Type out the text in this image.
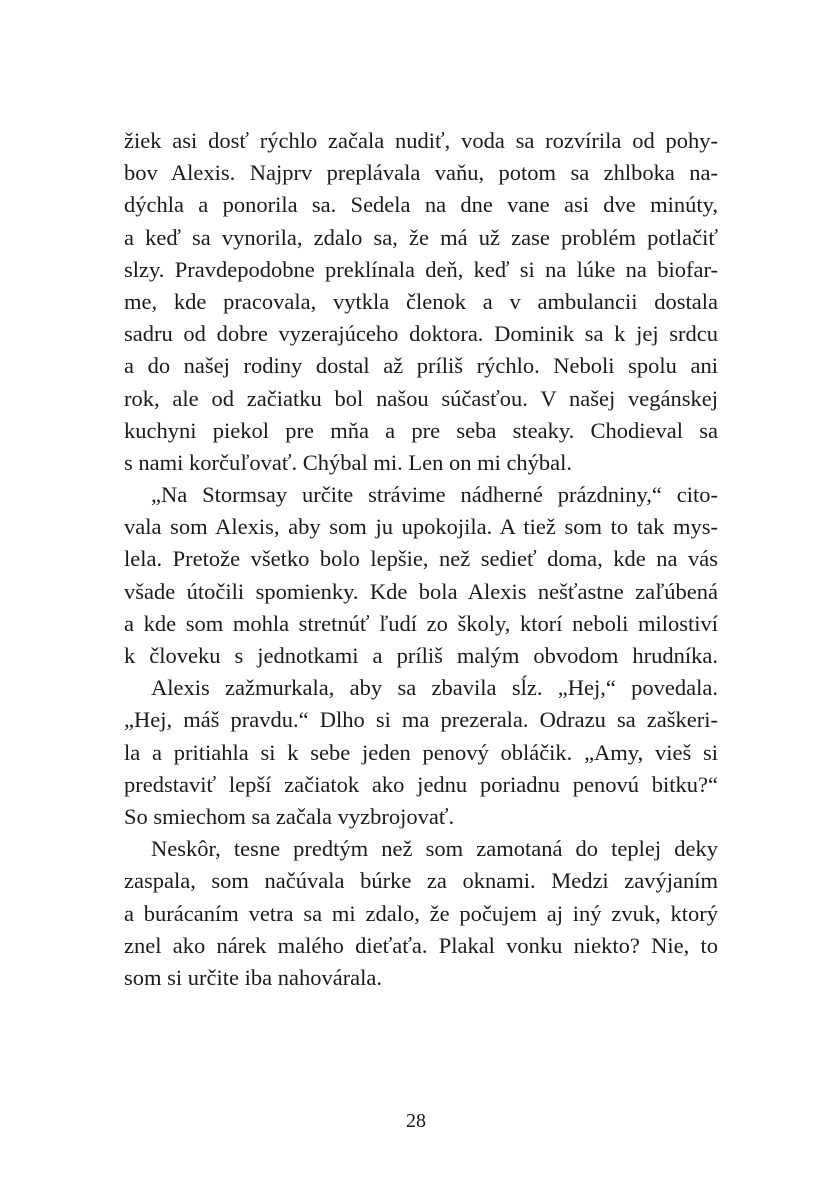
žiek asi dosť rýchlo začala nudiť, voda sa rozvírila od pohy-
bov Alexis. Najprv preplávala vaňu, potom sa zhlboka na-
dýchla a ponorila sa. Sedela na dne vane asi dve minúty,
a keď sa vynorila, zdalo sa, že má už zase problém potlačiť
slzy. Pravdepodobne preklínala deň, keď si na lúke na biofar-
me, kde pracovala, vytkla členok a v ambulancii dostala
sadru od dobre vyzerajúceho doktora. Dominik sa k jej srdcu
a do našej rodiny dostal až príliš rýchlo. Neboli spolu ani
rok, ale od začiatku bol našou súčasťou. V našej vegánskej
kuchyni piekol pre mňa a pre seba steaky. Chodieval sa
s nami korčuľovať. Chýbal mi. Len on mi chýbal.

„Na Stormsay určite strávime nádherné prázdniny,“ cito-
vala som Alexis, aby som ju upokojila. A tiež som to tak mys-
lela. Pretože všetko bolo lepšie, než sedieť doma, kde na vás
všade útočili spomienky. Kde bola Alexis nešťastne zaľúbená
a kde som mohla stretnúť ľudí zo školy, ktorí neboli milostiví
k človeku s jednotkami a príliš malým obvodom hrudníka.

Alexis zažmurkala, aby sa zbavila sĺz. „Hej,“ povedala.
„Hej, máš pravdu.“ Dlho si ma prezerala. Odrazu sa zaškeri-
la a pritiahla si k sebe jeden penový obláčik. „Amy, vieš si
predstaviť lepší začiatok ako jednu poriadnu penovú bitku?“
So smiechom sa začala vyzbrojovať.

Neskôr, tesne predtým než som zamotaná do teplej deky
zaspala, som načúvala búrke za oknami. Medzi zavýjaním
a burácaním vetra sa mi zdalo, že počujem aj iný zvuk, ktorý
znel ako nárek malého dieťaťa. Plakal vonku niekto? Nie, to
som si určite iba nahovárala.

28
